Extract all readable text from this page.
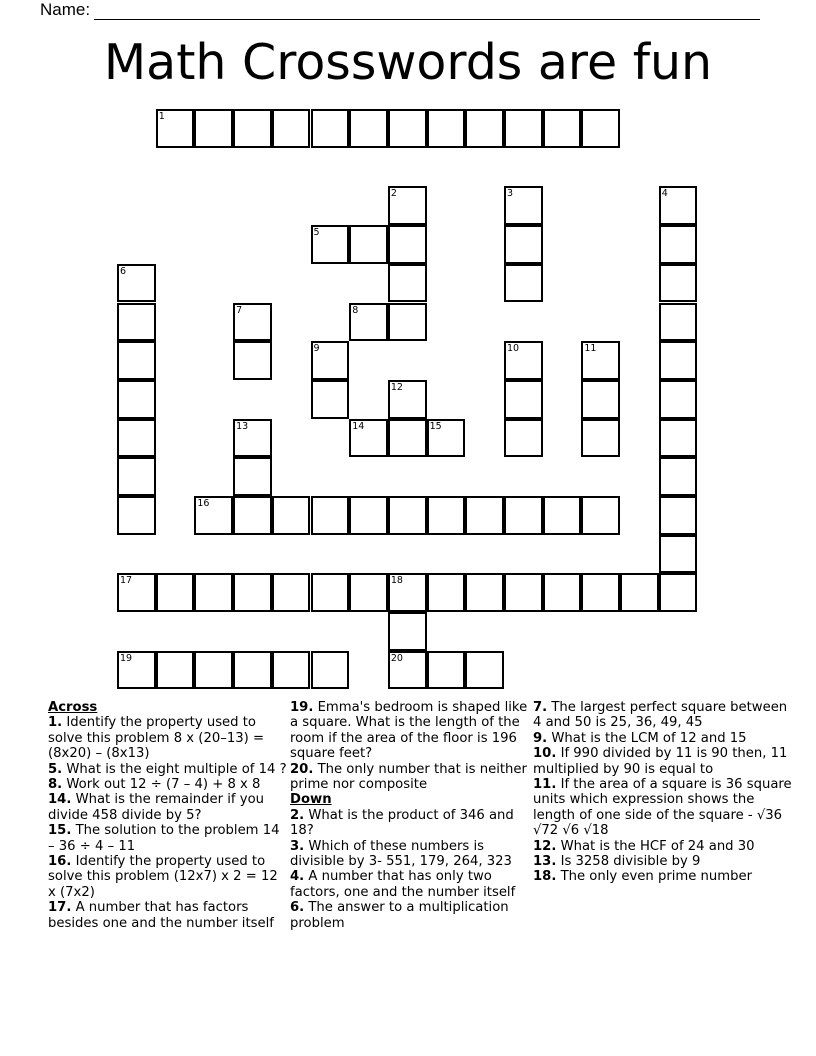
Name:
Math Crosswords are fun
1
2	3	4
5
6
7	8
9	10	11
12
13	14	15
16
17	18
19	20
Across
1. Identify the property used to solve this problem 8 x (20–13) = (8x20) – (8x13)
5. What is the eight multiple of 14 ?
8. Work out 12 ÷ (7 – 4) + 8 x 8
14. What is the remainder if you divide 458 divide by 5?
15. The solution to the problem 14 – 36 ÷ 4 – 11
16. Identify the property used to solve this problem (12x7) x 2 = 12 x (7x2)
17. A number that has factors besides one and the number itself
19. Emma's bedroom is shaped like a square. What is the length of the room if the area of the floor is 196 square feet?
20. The only number that is neither prime nor composite
Down
2. What is the product of 346 and 18?
3. Which of these numbers is divisible by 3- 551, 179, 264, 323
4. A number that has only two factors, one and the number itself
6. The answer to a multiplication problem
7. The largest perfect square between 4 and 50 is 25, 36, 49, 45
9. What is the LCM of 12 and 15
10. If 990 divided by 11 is 90 then, 11 multiplied by 90 is equal to
11. If the area of a square is 36 square units which expression shows the length of one side of the square - √36 √72 √6 √18
12. What is the HCF of 24 and 30
13. Is 3258 divisible by 9
18. The only even prime number
